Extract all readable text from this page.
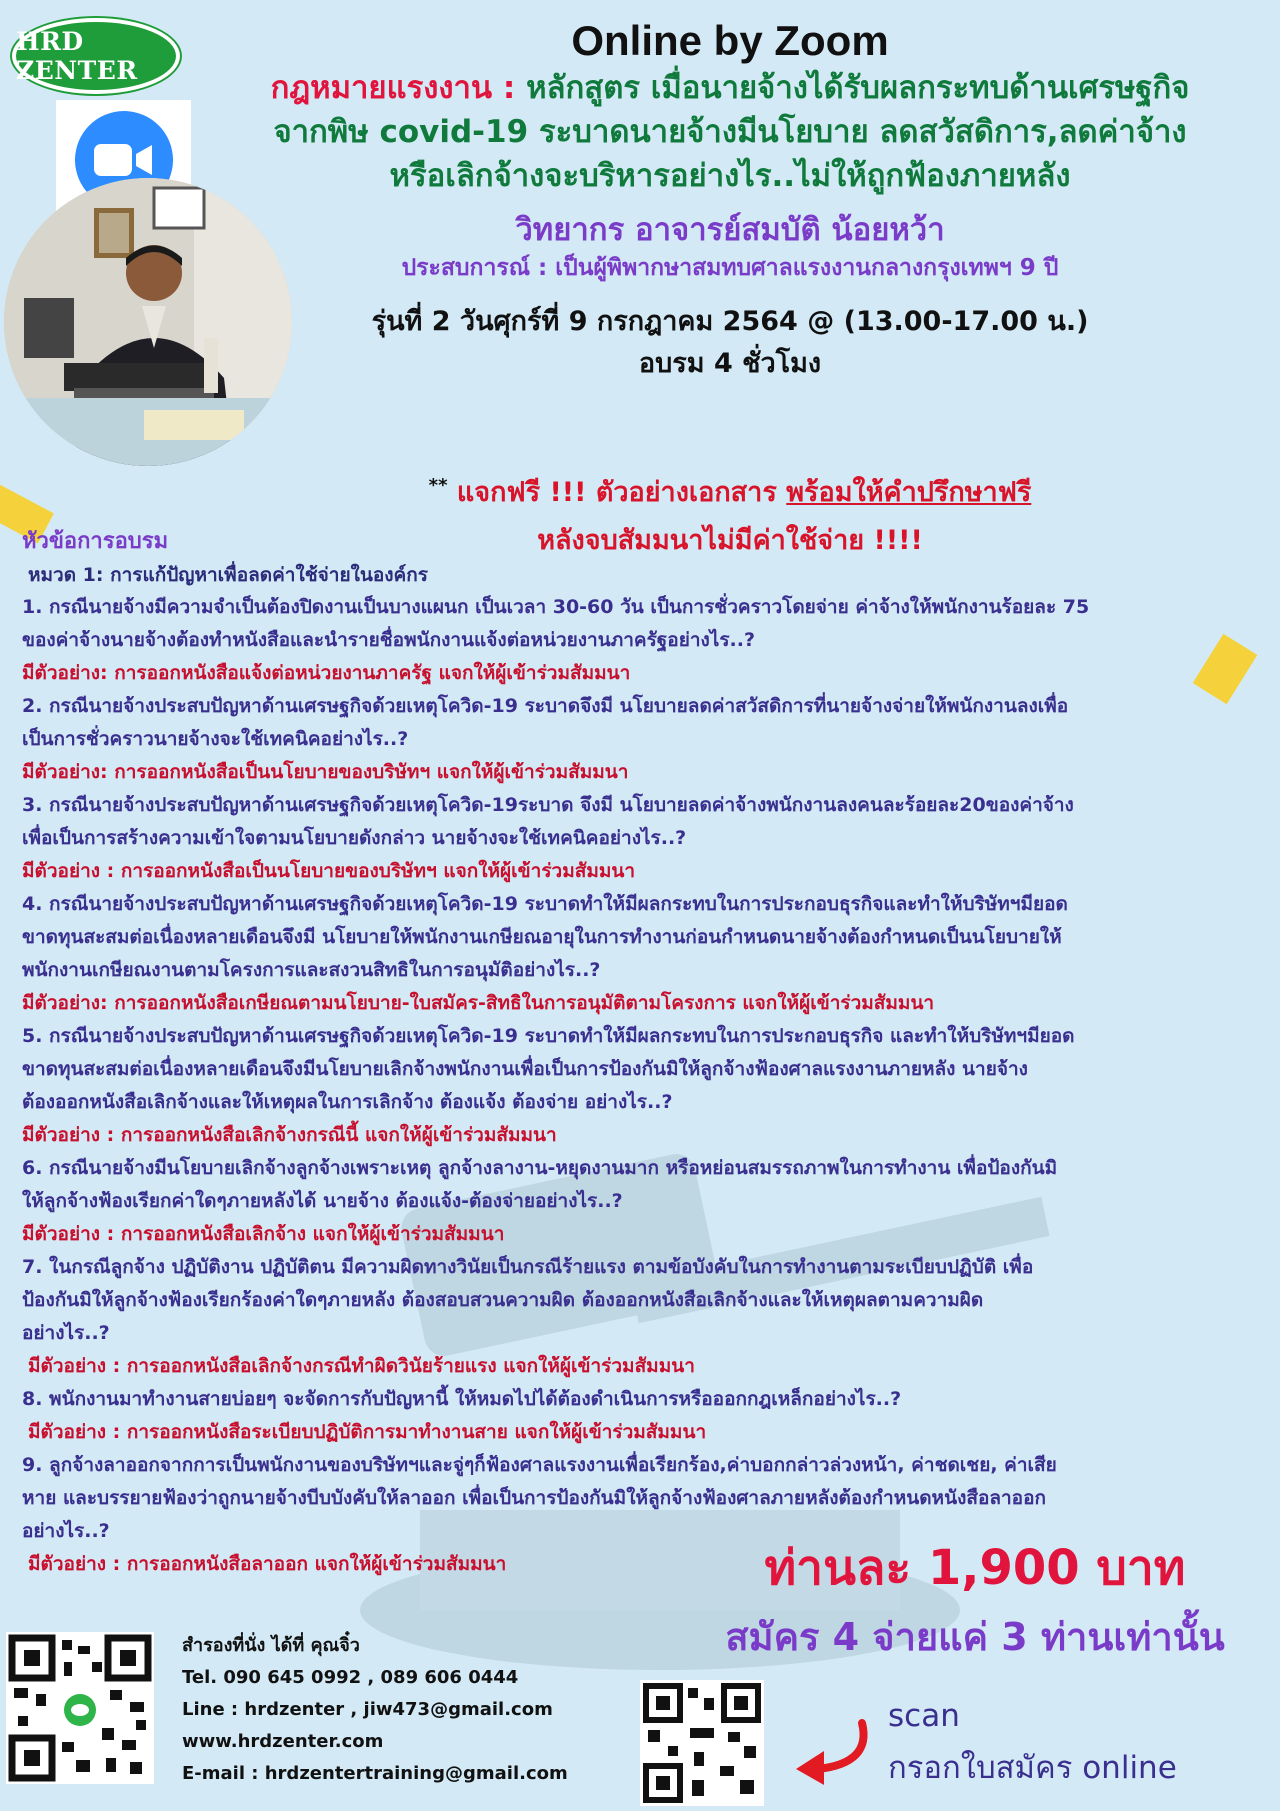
HRD ZENTER
Online by Zoom
กฎหมายแรงงาน : หลักสูตร เมื่อนายจ้างได้รับผลกระทบด้านเศรษฐกิจ
จากพิษ covid-19 ระบาดนายจ้างมีนโยบาย ลดสวัสดิการ,ลดค่าจ้าง
หรือเลิกจ้างจะบริหารอย่างไร..ไม่ให้ถูกฟ้องภายหลัง
วิทยากร อาจารย์สมบัติ น้อยหว้า
ประสบการณ์ : เป็นผู้พิพากษาสมทบศาลแรงงานกลางกรุงเทพฯ 9 ปี
รุ่นที่ 2 วันศุกร์ที่ 9 กรกฎาคม 2564 @ (13.00-17.00 น.)
อบรม 4 ชั่วโมง
** แจกฟรี !!! ตัวอย่างเอกสาร พร้อมให้คำปรึกษาฟรี
หลังจบสัมมนาไม่มีค่าใช้จ่าย !!!!
หัวข้อการอบรม
หมวด 1: การแก้ปัญหาเพื่อลดค่าใช้จ่ายในองค์กร
1. กรณีนายจ้างมีความจำเป็นต้องปิดงานเป็นบางแผนก เป็นเวลา 30-60 วัน เป็นการชั่วคราวโดยจ่าย ค่าจ้างให้พนักงานร้อยละ 75
ของค่าจ้างนายจ้างต้องทำหนังสือและนำรายชื่อพนักงานแจ้งต่อหน่วยงานภาครัฐอย่างไร..?
มีตัวอย่าง: การออกหนังสือแจ้งต่อหน่วยงานภาครัฐ แจกให้ผู้เข้าร่วมสัมมนา
2. กรณีนายจ้างประสบปัญหาด้านเศรษฐกิจด้วยเหตุโควิด-19 ระบาดจึงมี นโยบายลดค่าสวัสดิการที่นายจ้างจ่ายให้พนักงานลงเพื่อ
เป็นการชั่วคราวนายจ้างจะใช้เทคนิคอย่างไร..?
มีตัวอย่าง: การออกหนังสือเป็นนโยบายของบริษัทฯ แจกให้ผู้เข้าร่วมสัมมนา
3. กรณีนายจ้างประสบปัญหาด้านเศรษฐกิจด้วยเหตุโควิด-19ระบาด จึงมี นโยบายลดค่าจ้างพนักงานลงคนละร้อยละ20ของค่าจ้าง
เพื่อเป็นการสร้างความเข้าใจตามนโยบายดังกล่าว นายจ้างจะใช้เทคนิคอย่างไร..?
มีตัวอย่าง : การออกหนังสือเป็นนโยบายของบริษัทฯ แจกให้ผู้เข้าร่วมสัมมนา
4. กรณีนายจ้างประสบปัญหาด้านเศรษฐกิจด้วยเหตุโควิด-19 ระบาดทำให้มีผลกระทบในการประกอบธุรกิจและทำให้บริษัทฯมียอด
ขาดทุนสะสมต่อเนื่องหลายเดือนจึงมี นโยบายให้พนักงานเกษียณอายุในการทำงานก่อนกำหนดนายจ้างต้องกำหนดเป็นนโยบายให้
พนักงานเกษียณงานตามโครงการและสงวนสิทธิในการอนุมัติอย่างไร..?
มีตัวอย่าง: การออกหนังสือเกษียณตามนโยบาย-ใบสมัคร-สิทธิในการอนุมัติตามโครงการ แจกให้ผู้เข้าร่วมสัมมนา
5. กรณีนายจ้างประสบปัญหาด้านเศรษฐกิจด้วยเหตุโควิด-19 ระบาดทำให้มีผลกระทบในการประกอบธุรกิจ และทำให้บริษัทฯมียอด
ขาดทุนสะสมต่อเนื่องหลายเดือนจึงมีนโยบายเลิกจ้างพนักงานเพื่อเป็นการป้องกันมิให้ลูกจ้างฟ้องศาลแรงงานภายหลัง นายจ้าง
ต้องออกหนังสือเลิกจ้างและให้เหตุผลในการเลิกจ้าง ต้องแจ้ง ต้องจ่าย อย่างไร..?
มีตัวอย่าง : การออกหนังสือเลิกจ้างกรณีนี้ แจกให้ผู้เข้าร่วมสัมมนา
6. กรณีนายจ้างมีนโยบายเลิกจ้างลูกจ้างเพราะเหตุ ลูกจ้างลางาน-หยุดงานมาก หรือหย่อนสมรรถภาพในการทำงาน เพื่อป้องกันมิ
ให้ลูกจ้างฟ้องเรียกค่าใดๆภายหลังได้ นายจ้าง ต้องแจ้ง-ต้องจ่ายอย่างไร..?
มีตัวอย่าง : การออกหนังสือเลิกจ้าง แจกให้ผู้เข้าร่วมสัมมนา
7. ในกรณีลูกจ้าง ปฏิบัติงาน ปฏิบัติตน มีความผิดทางวินัยเป็นกรณีร้ายแรง ตามข้อบังคับในการทำงานตามระเบียบปฏิบัติ เพื่อ
ป้องกันมิให้ลูกจ้างฟ้องเรียกร้องค่าใดๆภายหลัง ต้องสอบสวนความผิด ต้องออกหนังสือเลิกจ้างและให้เหตุผลตามความผิด
อย่างไร..?
มีตัวอย่าง : การออกหนังสือเลิกจ้างกรณีทำผิดวินัยร้ายแรง แจกให้ผู้เข้าร่วมสัมมนา
8. พนักงานมาทำงานสายบ่อยๆ จะจัดการกับปัญหานี้ ให้หมดไปได้ต้องดำเนินการหรือออกกฎเหล็กอย่างไร..?
มีตัวอย่าง : การออกหนังสือระเบียบปฏิบัติการมาทำงานสาย แจกให้ผู้เข้าร่วมสัมมนา
9. ลูกจ้างลาออกจากการเป็นพนักงานของบริษัทฯและจู่ๆก็ฟ้องศาลแรงงานเพื่อเรียกร้อง,ค่าบอกกล่าวล่วงหน้า, ค่าชดเชย, ค่าเสีย
หาย และบรรยายฟ้องว่าถูกนายจ้างบีบบังคับให้ลาออก เพื่อเป็นการป้องกันมิให้ลูกจ้างฟ้องศาลภายหลังต้องกำหนดหนังสือลาออก
อย่างไร..?
มีตัวอย่าง : การออกหนังสือลาออก แจกให้ผู้เข้าร่วมสัมมนา	ท่านละ 1,900 บาท
สมัคร 4 จ่ายแค่ 3 ท่านเท่านั้น
สำรองที่นั่ง ได้ที่ คุณจิ๋ว
Tel. 090 645 0992 , 089 606 0444
Line : hrdzenter , jiw473@gmail.com
www.hrdzenter.com
E-mail : hrdzentertraining@gmail.com
scan
กรอกใบสมัคร online
